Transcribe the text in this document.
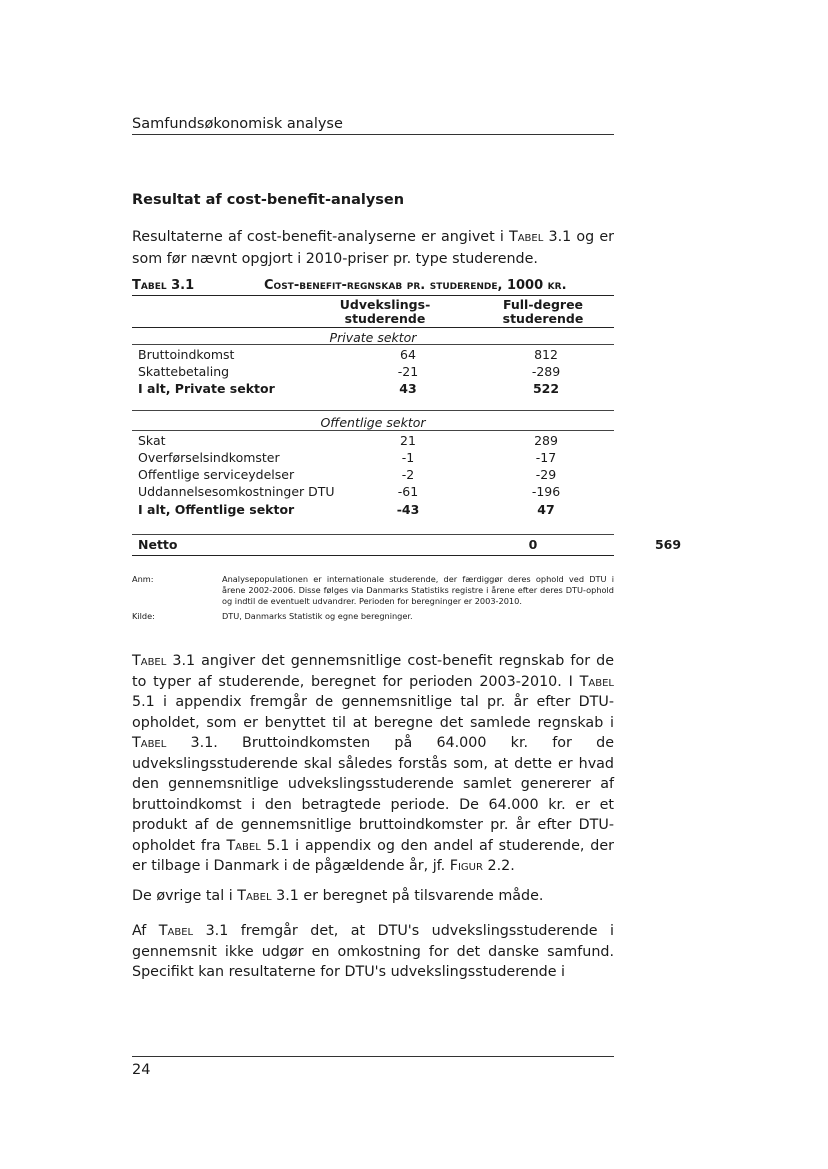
Samfundsøkonomisk analyse
Resultat af cost-benefit-analysen
Resultaterne af cost-benefit-analyserne er angivet i Tabel 3.1 og er som før nævnt opgjort i 2010-priser pr. type studerende.
Tabel 3.1	Cost-benefit-regnskab pr. studerende, 1000 kr.
Udvekslings-
studerende
Full-degree
studerende
Private sektor
Bruttoindkomst	64	812
Skattebetaling	-21	-289
I alt, Private sektor	43	522
Offentlige sektor
Skat	21	289
Overførselsindkomster	-1	-17
Offentlige serviceydelser	-2	-29
Uddannelsesomkostninger DTU	-61	-196
I alt, Offentlige sektor	-43	47
Netto	0	569
Anm:	Analysepopulationen er internationale studerende, der færdiggør deres ophold ved DTU i årene 2002-2006. Disse følges via Danmarks Statistiks registre i årene efter deres DTU-ophold og indtil de eventuelt udvandrer. Perioden for beregninger er 2003-2010.
Kilde:	DTU, Danmarks Statistik og egne beregninger.
Tabel 3.1 angiver det gennemsnitlige cost-benefit regnskab for de to typer af studerende, beregnet for perioden 2003-2010. I Tabel 5.1 i appendix fremgår de gennemsnitlige tal pr. år efter DTU-opholdet, som er benyttet til at beregne det samlede regnskab i Tabel 3.1. Bruttoindkomsten på 64.000 kr. for de udvekslingsstuderende skal således forstås som, at dette er hvad den gennemsnitlige udvekslingsstuderende samlet genererer af bruttoindkomst i den betragtede periode. De 64.000 kr. er et produkt af de gennemsnitlige bruttoindkomster pr. år efter DTU-opholdet fra Tabel 5.1 i appendix og den andel af studerende, der er tilbage i Danmark i de pågældende år, jf. Figur 2.2.
De øvrige tal i Tabel 3.1 er beregnet på tilsvarende måde.
Af Tabel 3.1 fremgår det, at DTU's udvekslingsstuderende i gennemsnit ikke udgør en omkostning for det danske samfund. Specifikt kan resultaterne for DTU's udvekslingsstuderende i
24
